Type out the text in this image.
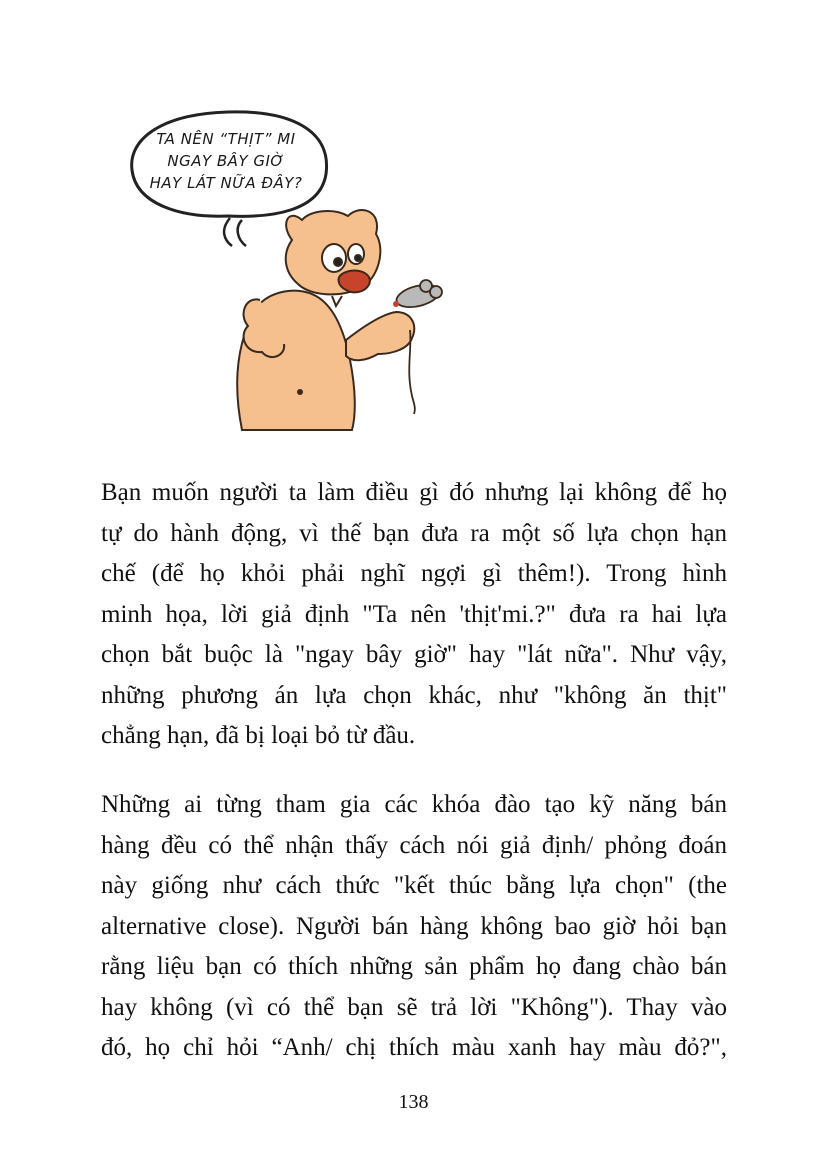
TA NÊN “THỊT” MI
NGAY BÂY GIỜ
HAY LÁT NỮA ĐÂY?

Bạn muốn người ta làm điều gì đó nhưng lại không để họ
tự do hành động, vì thế bạn đưa ra một số lựa chọn hạn
chế (để họ khỏi phải nghĩ ngợi gì thêm!). Trong hình
minh họa, lời giả định "Ta nên 'thịt'mi.?" đưa ra hai lựa
chọn bắt buộc là "ngay bây giờ" hay "lát nữa". Như vậy,
những phương án lựa chọn khác, như "không ăn thịt"
chẳng hạn, đã bị loại bỏ từ đầu.

Những ai từng tham gia các khóa đào tạo kỹ năng bán
hàng đều có thể nhận thấy cách nói giả định/ phỏng đoán
này giống như cách thức "kết thúc bằng lựa chọn" (the
alternative close). Người bán hàng không bao giờ hỏi bạn
rằng liệu bạn có thích những sản phẩm họ đang chào bán
hay không (vì có thể bạn sẽ trả lời "Không"). Thay vào
đó, họ chỉ hỏi “Anh/ chị thích màu xanh hay màu đỏ?",

138
